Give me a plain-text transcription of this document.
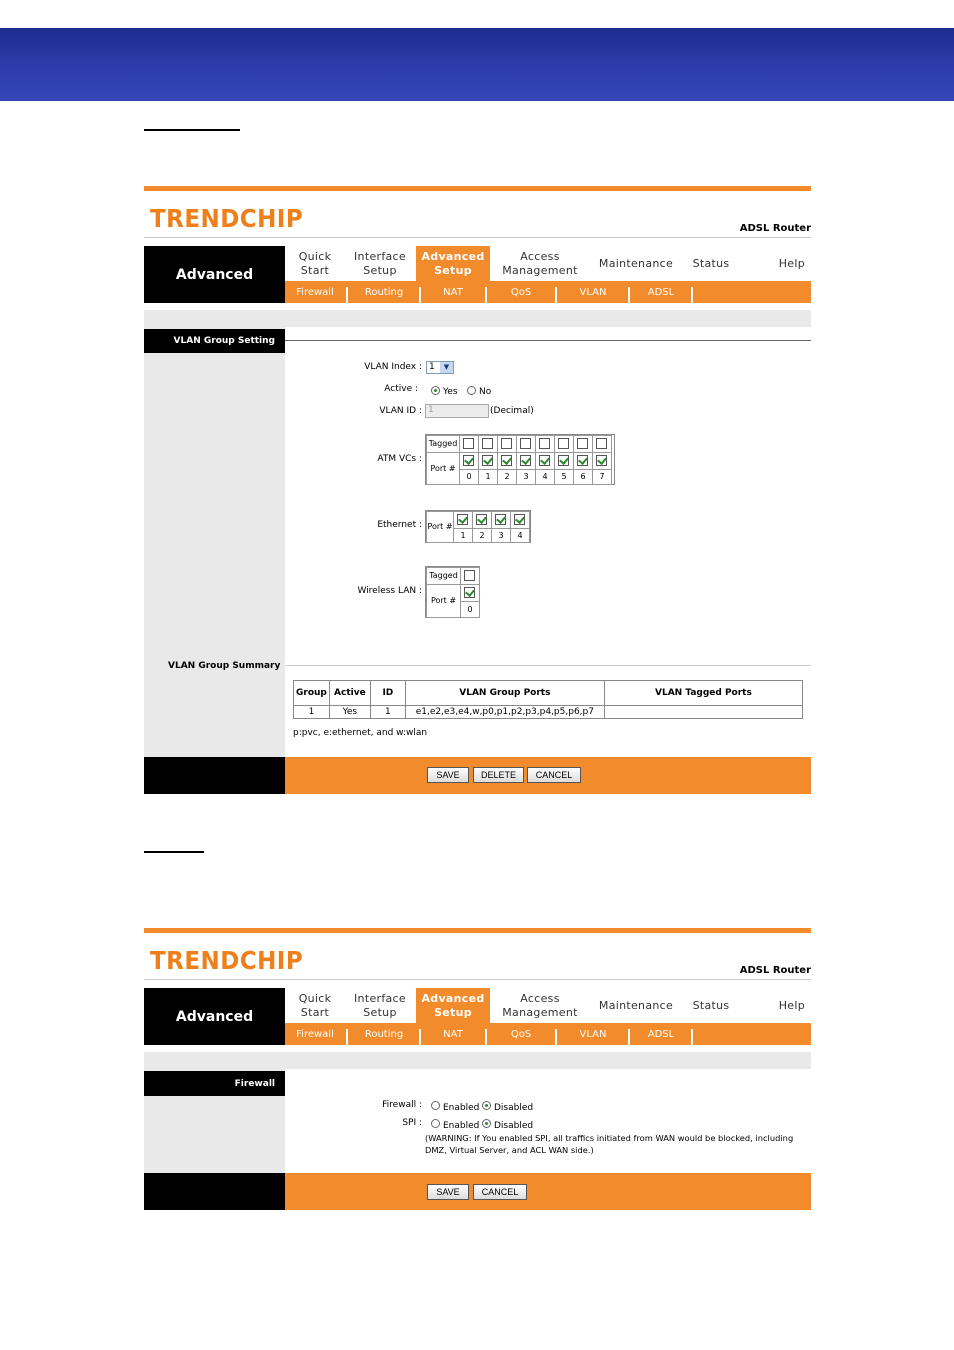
TRENDCHIP	ADSL Router
Advanced
Quick
Start
Interface
Setup
Advanced
Setup
Access
Management
Maintenance Status	Help
Firewall	Routing	NAT	QoS	VLAN	ADSL
VLAN Group Setting
VLAN Index : 1	▼
Active :	Yes No
VLAN ID : 1	(Decimal)
ATM VCs :
Tagged
Port #
0	1	2	3	4	5	6	7
Ethernet : Port #
1	2	3	4
Wireless LAN :
Tagged
Port #
0
VLAN Group Summary
Group	Active	ID	VLAN Group Ports	VLAN Tagged Ports
1	Yes	1	e1,e2,e3,e4,w,p0,p1,p2,p3,p4,p5,p6,p7	
p:pvc, e:ethernet, and w:wlan
SAVE	DELETE	CANCEL
TRENDCHIP	ADSL Router
Advanced
Quick
Start
Interface
Setup
Advanced
Setup
Access
Management
Maintenance Status	Help
Firewall	Routing	NAT	QoS	VLAN	ADSL
Firewall
Firewall : Enabled Disabled
SPI : Enabled Disabled
(WARNING: If You enabled SPI, all traffics initiated from WAN would be blocked, including
DMZ, Virtual Server, and ACL WAN side.)
SAVE	CANCEL
